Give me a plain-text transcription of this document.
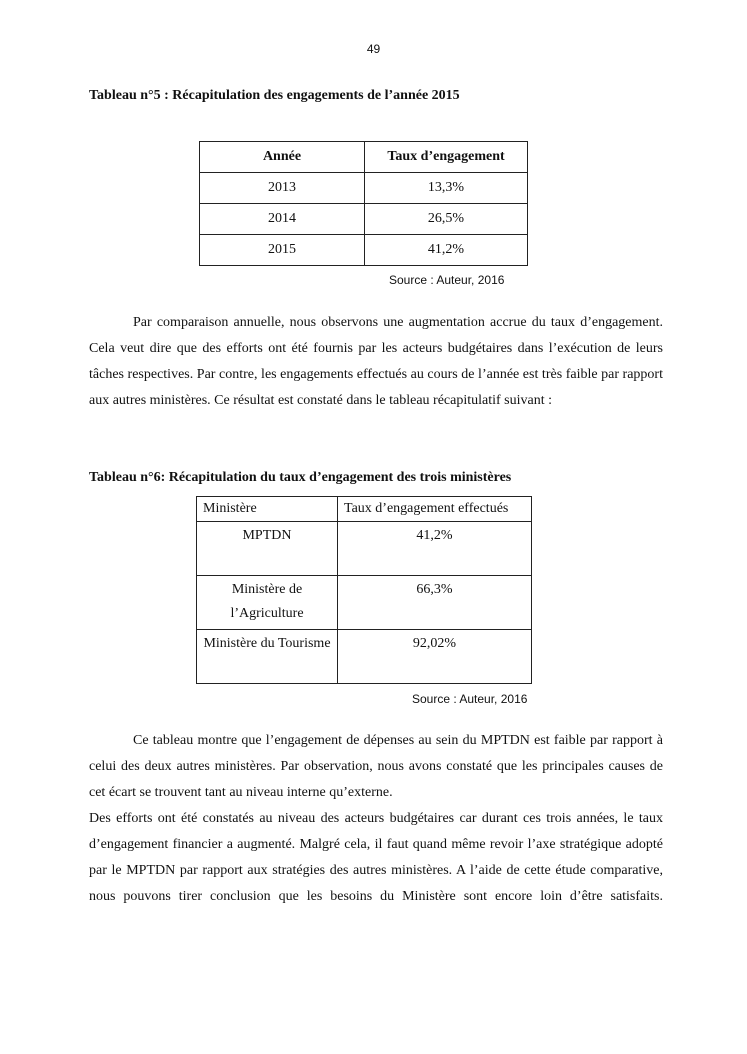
49
Tableau n°5 : Récapitulation des engagements de l’année 2015
Année	Taux d’engagement
2013	13,3%
2014	26,5%
2015	41,2%
Source : Auteur, 2016

Par comparaison annuelle, nous observons une augmentation accrue du taux d’engagement. Cela veut dire que des efforts ont été fournis par les acteurs budgétaires dans l’exécution de leurs tâches respectives. Par contre, les engagements effectués au cours de l’année est très faible par rapport aux autres ministères. Ce résultat est constaté dans le tableau récapitulatif suivant :

Tableau n°6: Récapitulation du taux d’engagement des trois ministères
Ministère	Taux d’engagement effectués
MPTDN	41,2%
Ministère de l’Agriculture	66,3%
Ministère du Tourisme	92,02%
Source : Auteur, 2016

Ce tableau montre que l’engagement de dépenses au sein du MPTDN est faible par rapport à celui des deux autres ministères. Par observation, nous avons constaté que les principales causes de cet écart se trouvent tant au niveau interne qu’externe.

Des efforts ont été constatés au niveau des acteurs budgétaires car durant ces trois années, le taux d’engagement financier a augmenté. Malgré cela, il faut quand même revoir l’axe stratégique adopté par le MPTDN par rapport aux stratégies des autres ministères. A l’aide de cette étude comparative, nous pouvons tirer conclusion que les besoins du Ministère sont encore loin d’être satisfaits.
